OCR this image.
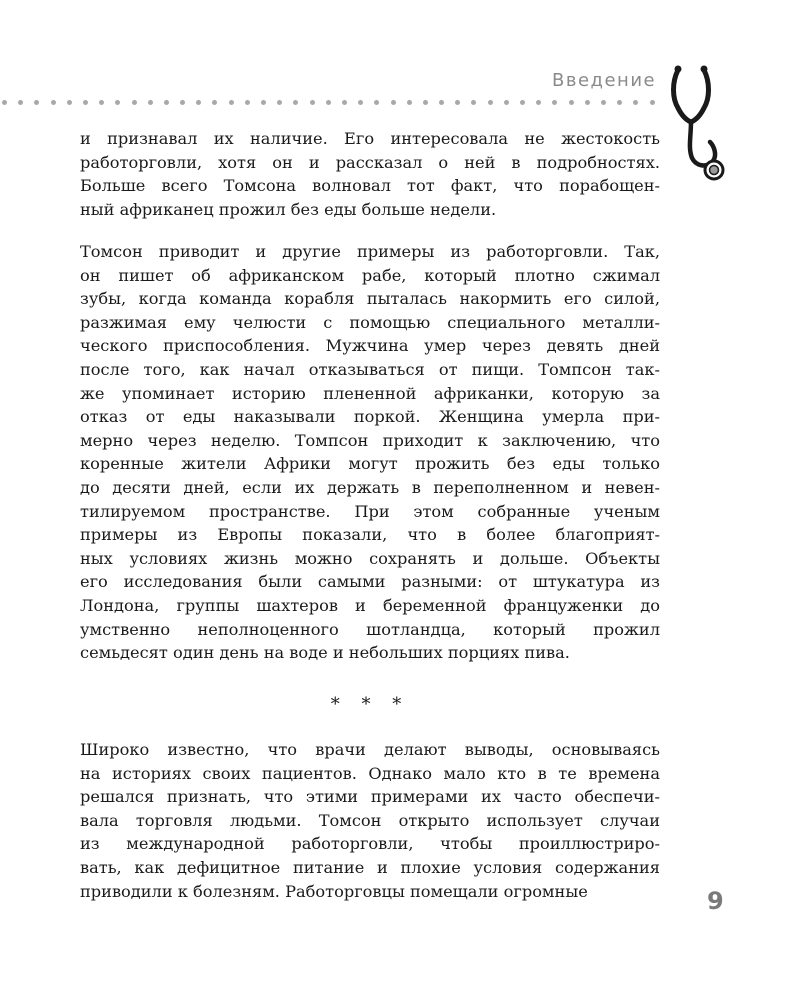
Введение
и признавал их наличие. Его интересовала не жестокость
работорговли, хотя он и рассказал о ней в подробностях.
Больше всего Томсона волновал тот факт, что порабощен-
ный африканец прожил без еды больше недели.
Томсон приводит и другие примеры из работорговли. Так,
он пишет об африканском рабе, который плотно сжимал
зубы, когда команда корабля пыталась накормить его силой,
разжимая ему челюсти с помощью специального металли-
ческого приспособления. Мужчина умер через девять дней
после того, как начал отказываться от пищи. Томпсон так-
же упоминает историю плененной африканки, которую за
отказ от еды наказывали поркой. Женщина умерла при-
мерно через неделю. Томпсон приходит к заключению, что
коренные жители Африки могут прожить без еды только
до десяти дней, если их держать в переполненном и невен-
тилируемом пространстве. При этом собранные ученым
примеры из Европы показали, что в более благоприят-
ных условиях жизнь можно сохранять и дольше. Объекты
его исследования были самыми разными: от штукатура из
Лондона, группы шахтеров и беременной француженки до
умственно неполноценного шотландца, который прожил
семьдесят один день на воде и небольших порциях пива.
* * *
Широко известно, что врачи делают выводы, основываясь
на историях своих пациентов. Однако мало кто в те времена
решался признать, что этими примерами их часто обеспечи-
вала торговля людьми. Томсон открыто использует случаи
из международной работорговли, чтобы проиллюстриро-
вать, как дефицитное питание и плохие условия содержания
приводили к болезням. Работорговцы помещали огромные	9
